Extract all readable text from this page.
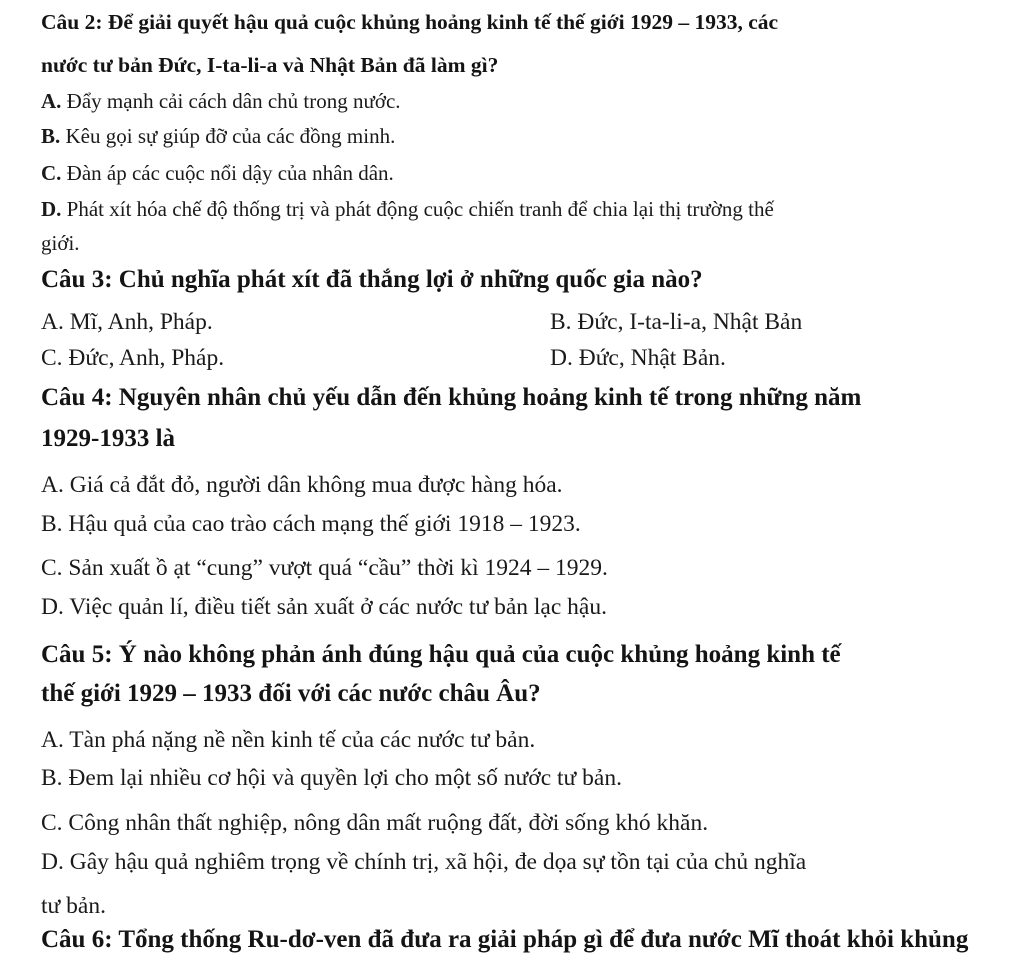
Câu 2: Để giải quyết hậu quả cuộc khủng hoảng kinh tế thế giới 1929 – 1933, các
nước tư bản Đức, I-ta-li-a và Nhật Bản đã làm gì?
A. Đẩy mạnh cải cách dân chủ trong nước.
B. Kêu gọi sự giúp đỡ của các đồng minh.
C. Đàn áp các cuộc nổi dậy của nhân dân.
D. Phát xít hóa chế độ thống trị và phát động cuộc chiến tranh để chia lại thị trường thế
giới.
Câu 3: Chủ nghĩa phát xít đã thắng lợi ở những quốc gia nào?
A. Mĩ, Anh, Pháp.	B. Đức, I-ta-li-a, Nhật Bản
C. Đức, Anh, Pháp.	D. Đức, Nhật Bản.
Câu 4: Nguyên nhân chủ yếu dẫn đến khủng hoảng kinh tế trong những năm
1929-1933 là
A. Giá cả đắt đỏ, người dân không mua được hàng hóa.
B. Hậu quả của cao trào cách mạng thế giới 1918 – 1923.
C. Sản xuất ồ ạt “cung” vượt quá “cầu” thời kì 1924 – 1929.
D. Việc quản lí, điều tiết sản xuất ở các nước tư bản lạc hậu.
Câu 5: Ý nào không phản ánh đúng hậu quả của cuộc khủng hoảng kinh tế
thế giới 1929 – 1933 đối với các nước châu Âu?
A. Tàn phá nặng nề nền kinh tế của các nước tư bản.
B. Đem lại nhiều cơ hội và quyền lợi cho một số nước tư bản.
C. Công nhân thất nghiệp, nông dân mất ruộng đất, đời sống khó khăn.
D. Gây hậu quả nghiêm trọng về chính trị, xã hội, đe dọa sự tồn tại của chủ nghĩa
tư bản.
Câu 6: Tổng thống Ru-dơ-ven đã đưa ra giải pháp gì để đưa nước Mĩ thoát khỏi khủng
